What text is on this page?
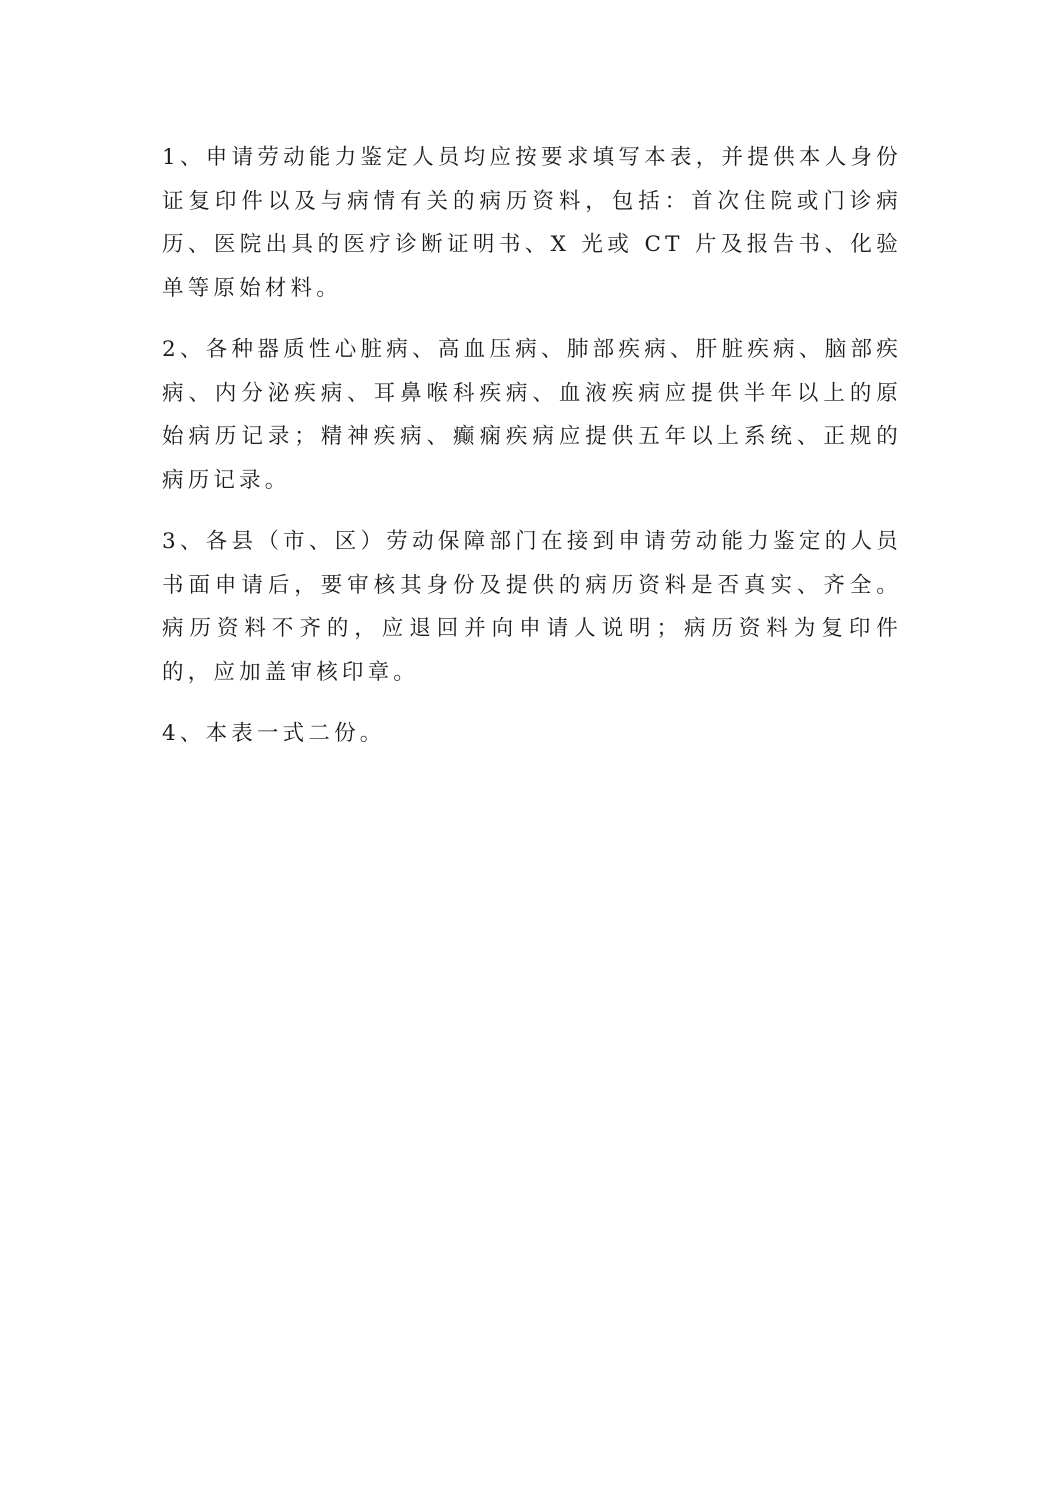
1、申请劳动能力鉴定人员均应按要求填写本表，并提供本人身份证复印件以及与病情有关的病历资料，包括：首次住院或门诊病历、医院出具的医疗诊断证明书、X 光或 CT 片及报告书、化验单等原始材料。

2、各种器质性心脏病、高血压病、肺部疾病、肝脏疾病、脑部疾病、内分泌疾病、耳鼻喉科疾病、血液疾病应提供半年以上的原始病历记录；精神疾病、癫痫疾病应提供五年以上系统、正规的病历记录。

3、各县（市、区）劳动保障部门在接到申请劳动能力鉴定的人员书面申请后，要审核其身份及提供的病历资料是否真实、齐全。病历资料不齐的，应退回并向申请人说明；病历资料为复印件的，应加盖审核印章。

4、本表一式二份。
